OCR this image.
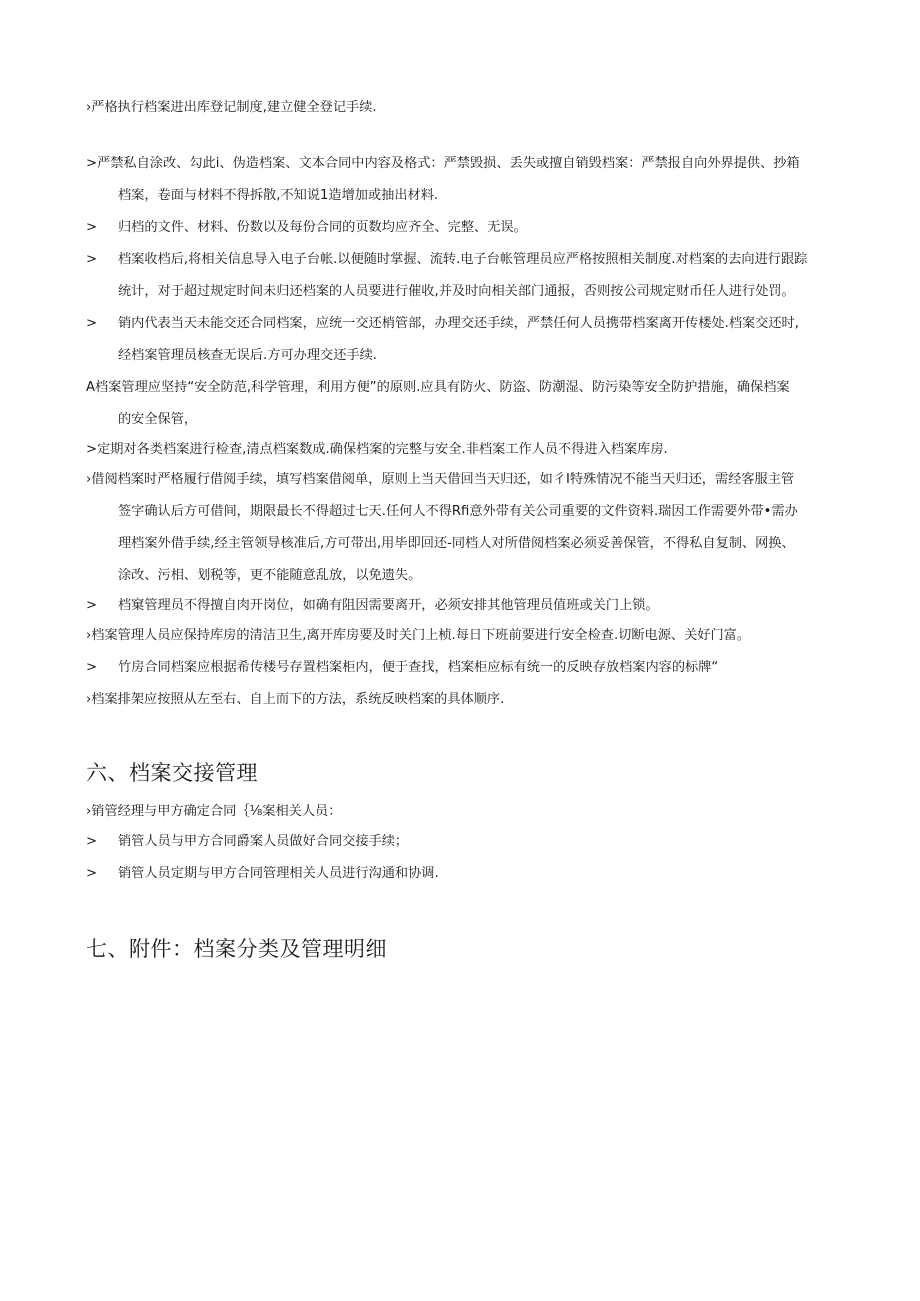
›严格执行档案进出库登记制度,建立健全登记手续.
>严禁私自涂改、勾此i、伪造档案、文本合同中内容及格式：严禁毁损、丢失或擅自销毁档案：严禁报自向外界提供、抄箱
档案，卷面与材料不得拆散,不知说1造增加或抽出材料.
> 归档的文件、材料、份数以及每份合同的页数均应齐全、完整、无误。
> 档案收档后,将相关信息导入电子台帐.以便随时掌握、流转.电子台帐管理员应严格按照相关制度.对档案的去向进行跟踪
统计，对于超过规定时间未归还档案的人员要进行催收,并及时向相关部门通报，否则按公司规定财币任人进行处罚。
> 销内代表当天未能交还合同档案，应统一交还梢管部，办理交还手续，严禁任何人员携带档案离开传楼处.档案交还时,
经档案管理员核查无误后.方可办理交还手续.
A档案管理应坚持“安全防范,科学管理，利用方便”的原则.应具有防火、防盗、防潮湿、防污染等安全防护措施，确保档案
的安全保管，
>定期对各类档案进行检查,清点档案数成.确保档案的完整与安全.非档案工作人员不得进入档案库房.
›借阅档案时严格履行借阅手续，填写档案借阅单，原则上当天借回当天归还，如彳I特殊情况不能当天归还，需经客服主管
签字确认后方可借间，期限最长不得超过七天.任何人不得Rfi意外带有关公司重要的文件资料.瑞因工作需要外带•需办
理档案外借手续,经主管领导核准后,方可带出,用毕即回还-同档人对所借阅档案必须妥善保管，不得私自复制、网换、
涂改、污相、划税等，更不能随意乱放，以免遗失。
> 档窠管理员不得擅自肉开岗位，如确有阻因需要离开，必须安排其他管理员值班或关门上锁。
›档案管理人员应保持库房的清洁卫生,离开库房要及时关门上桢.每日下班前要进行安全检查.切断电源、关好门富。
> 竹房合同档案应根据希传楼号存置档案柜内，便于查找，档案柜应标有统一的反映存放档案内容的标牌“
›档案排架应按照从左至右、自上而下的方法，系统反映档案的具体顺序.
六、档案交接管理
›销管经理与甲方确定合同｛⅛案相关人员：
> 销管人员与甲方合同爵案人员做好合同交接手续；
> 销管人员定期与甲方合同管理相关人员进行沟通和协调.
七、附件：档案分类及管理明细
